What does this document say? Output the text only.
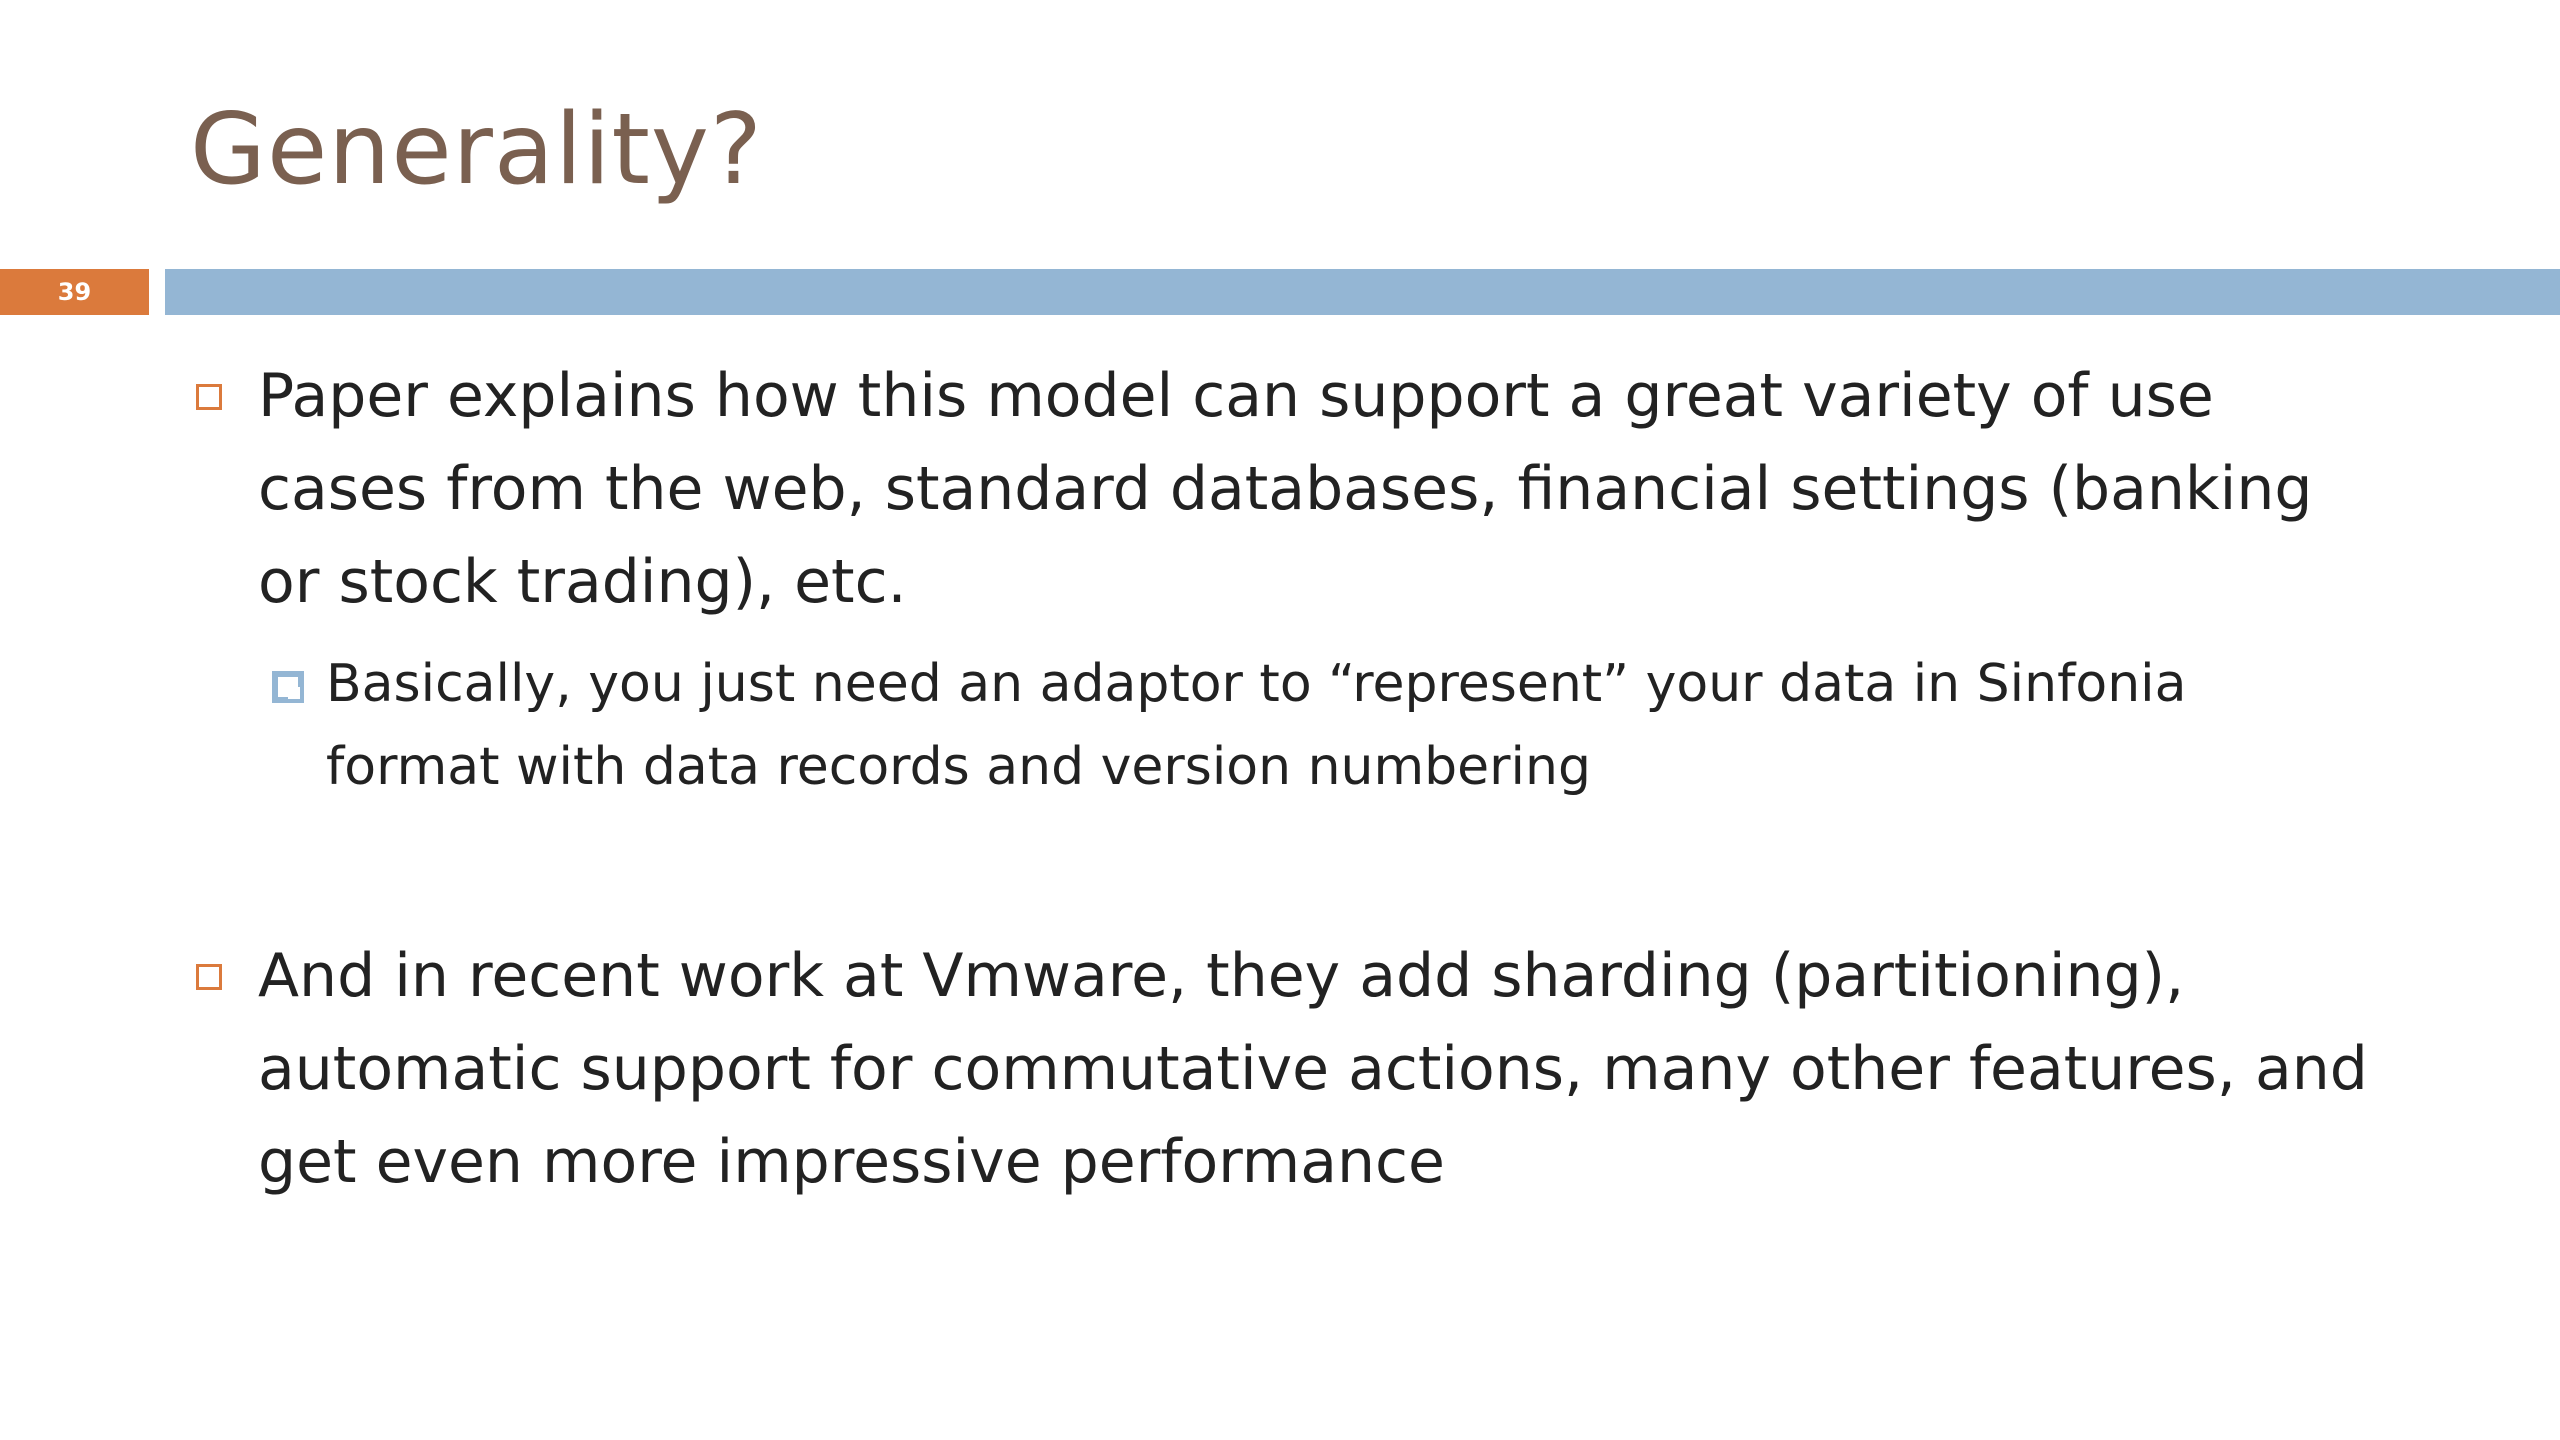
Generality?
39
Paper explains how this model can support a great variety of use cases from the web, standard databases, financial settings (banking or stock trading), etc.
Basically, you just need an adaptor to “represent” your data in Sinfonia format with data records and version numbering
And in recent work at Vmware, they add sharding (partitioning), automatic support for commutative actions, many other features, and get even more impressive performance
